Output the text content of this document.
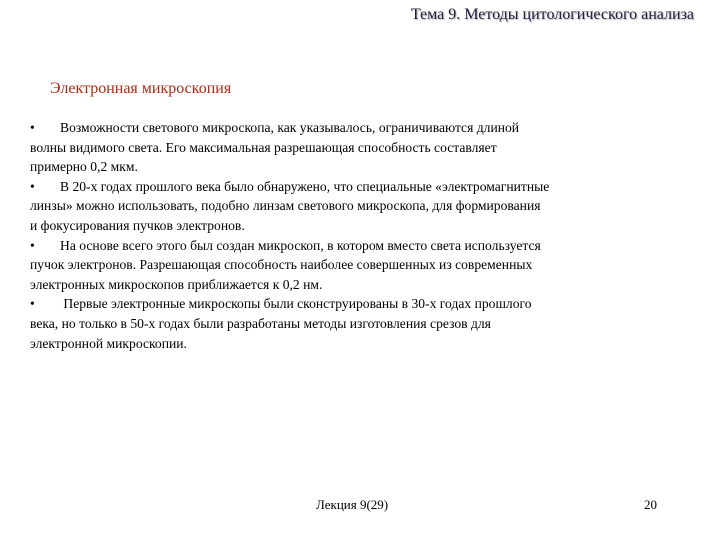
Тема 9. Методы цитологического анализа
Электронная микроскопия

• Возможности светового микроскопа, как указывалось, ограничиваются длиной
волны видимого света. Его максимальная разрешающая способность составляет
примерно 0,2 мкм.

• В 20-х годах прошлого века было обнаружено, что специальные «электромагнитные
линзы» можно использовать, подобно линзам светового микроскопа, для формирования
и фокусирования пучков электронов.

• На основе всего этого был создан микроскоп, в котором вместо света используется
пучок электронов. Разрешающая способность наиболее совершенных из современных
электронных микроскопов приближается к 0,2 нм.

• Первые электронные микроскопы были сконструированы в 30-х годах прошлого
века, но только в 50-х годах были разработаны методы изготовления срезов для
электронной микроскопии.

Лекция 9(29)	20
